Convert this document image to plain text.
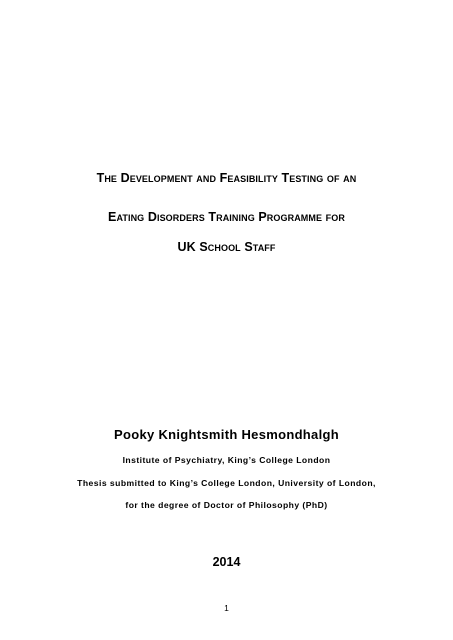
The Development and Feasibility Testing of an
Eating Disorders Training Programme for
UK School Staff
Pooky Knightsmith Hesmondhalgh
Institute of Psychiatry, King’s College London
Thesis submitted to King’s College London, University of London,
for the degree of Doctor of Philosophy (PhD)
2014
1
